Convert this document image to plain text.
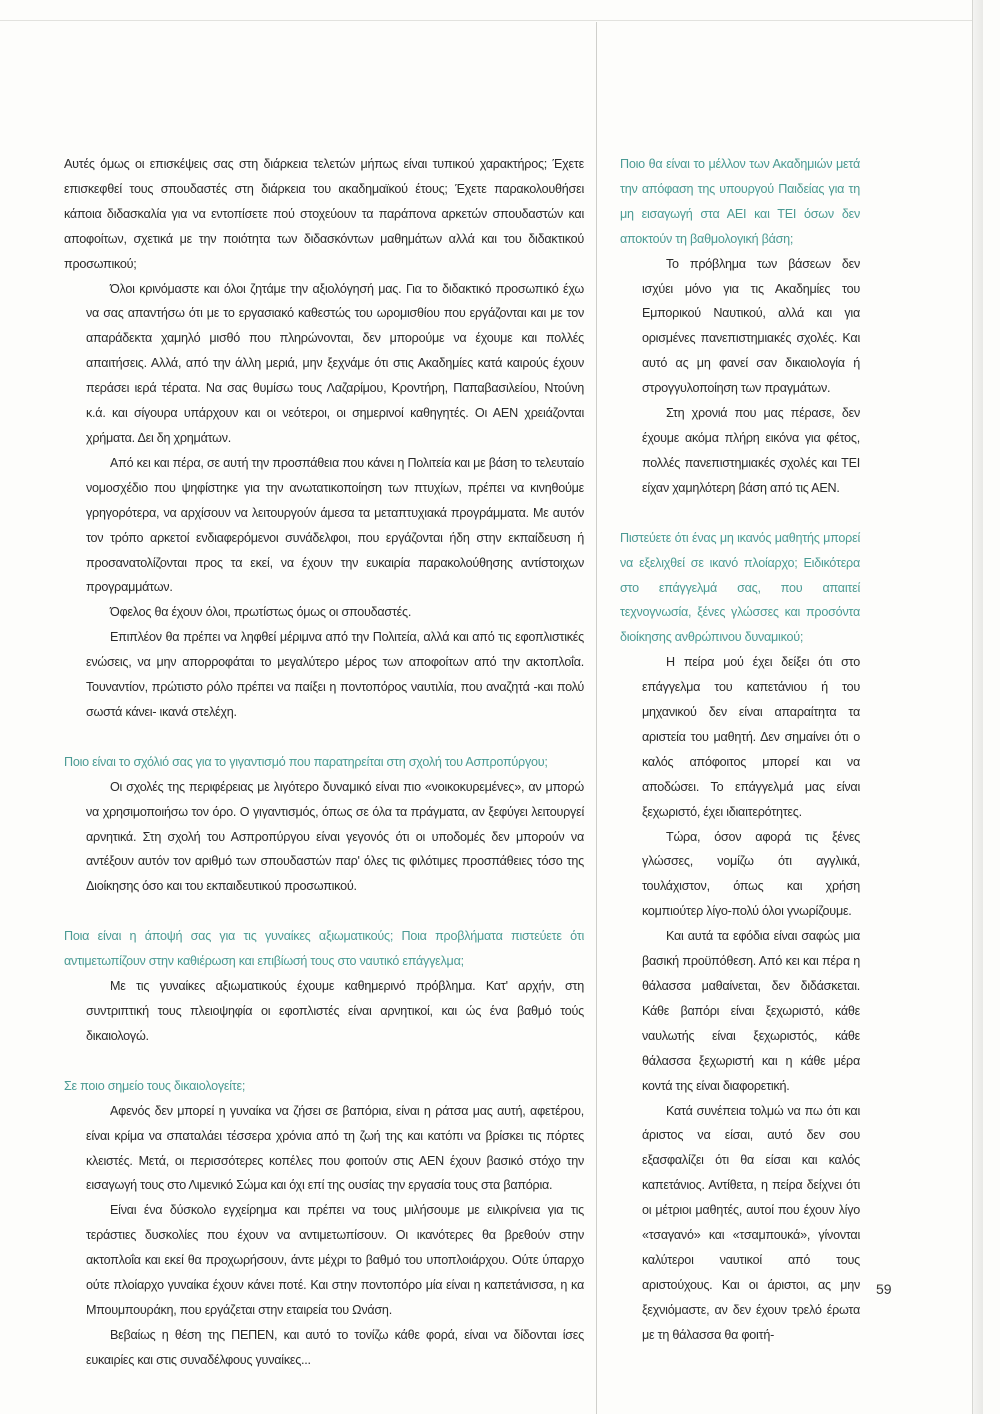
Αυτές όμως οι επισκέψεις σας στη διάρκεια τελετών μήπως είναι τυπικού χαρακτήρος; Έχετε επισκεφθεί τους σπουδαστές στη διάρκεια του ακαδημαϊκού έτους; Έχετε παρακολουθήσει κάποια διδασκαλία για να εντοπίσετε πού στοχεύουν τα παράπονα αρκετών σπουδαστών και αποφοίτων, σχετικά με την ποιότητα των διδασκόντων μαθημάτων αλλά και του διδακτικού προσωπικού;

Όλοι κρινόμαστε και όλοι ζητάμε την αξιολόγησή μας. Για το διδακτικό προσωπικό έχω να σας απαντήσω ότι με το εργασιακό καθεστώς του ωρομισθίου που εργάζονται και με τον απαράδεκτα χαμηλό μισθό που πληρώνονται, δεν μπορούμε να έχουμε και πολλές απαιτήσεις. Αλλά, από την άλλη μεριά, μην ξεχνάμε ότι στις Ακαδημίες κατά καιρούς έχουν περάσει ιερά τέρατα. Να σας θυμίσω τους Λαζαρίμου, Κροντήρη, Παπαβασιλείου, Ντούνη κ.ά. και σίγουρα υπάρχουν και οι νεότεροι, οι σημερινοί καθηγητές. Οι ΑΕΝ χρειάζονται χρήματα. Δει δη χρημάτων.

Από κει και πέρα, σε αυτή την προσπάθεια που κάνει η Πολιτεία και με βάση το τελευταίο νομοσχέδιο που ψηφίστηκε για την ανωτατικοποίηση των πτυχίων, πρέπει να κινηθούμε γρηγορότερα, να αρχίσουν να λειτουργούν άμεσα τα μεταπτυχιακά προγράμματα. Με αυτόν τον τρόπο αρκετοί ενδιαφερόμενοι συνάδελφοι, που εργάζονται ήδη στην εκπαίδευση ή προσανατολίζονται προς τα εκεί, να έχουν την ευκαιρία παρακολούθησης αντίστοιχων προγραμμάτων.

Όφελος θα έχουν όλοι, πρωτίστως όμως οι σπουδαστές.

Επιπλέον θα πρέπει να ληφθεί μέριμνα από την Πολιτεία, αλλά και από τις εφοπλιστικές ενώσεις, να μην απορροφάται το μεγαλύτερο μέρος των αποφοίτων από την ακτοπλοΐα. Τουναντίον, πρώτιστο ρόλο πρέπει να παίξει η ποντοπόρος ναυτιλία, που αναζητά -και πολύ σωστά κάνει- ικανά στελέχη.

Ποιο είναι το σχόλιό σας για το γιγαντισμό που παρατηρείται στη σχολή του Ασπροπύργου;

Οι σχολές της περιφέρειας με λιγότερο δυναμικό είναι πιο «νοικοκυρεμένες», αν μπορώ να χρησιμοποιήσω τον όρο. Ο γιγαντισμός, όπως σε όλα τα πράγματα, αν ξεφύγει λειτουργεί αρνητικά. Στη σχολή του Ασπροπύργου είναι γεγονός ότι οι υποδομές δεν μπορούν να αντέξουν αυτόν τον αριθμό των σπουδαστών παρ' όλες τις φιλότιμες προσπάθειες τόσο της Διοίκησης όσο και του εκπαιδευτικού προσωπικού.

Ποια είναι η άποψή σας για τις γυναίκες αξιωματικούς; Ποια προβλήματα πιστεύετε ότι αντιμετωπίζουν στην καθιέρωση και επιβίωσή τους στο ναυτικό επάγγελμα;

Με τις γυναίκες αξιωματικούς έχουμε καθημερινό πρόβλημα. Κατ' αρχήν, στη συντριπτική τους πλειοψηφία οι εφοπλιστές είναι αρνητικοί, και ώς ένα βαθμό τούς δικαιολογώ.

Σε ποιο σημείο τους δικαιολογείτε;

Αφενός δεν μπορεί η γυναίκα να ζήσει σε βαπόρια, είναι η ράτσα μας αυτή, αφετέρου, είναι κρίμα να σπαταλάει τέσσερα χρόνια από τη ζωή της και κατόπι να βρίσκει τις πόρτες κλειστές. Μετά, οι περισσότερες κοπέλες που φοιτούν στις ΑΕΝ έχουν βασικό στόχο την εισαγωγή τους στο Λιμενικό Σώμα και όχι επί της ουσίας την εργασία τους στα βαπόρια.

Είναι ένα δύσκολο εγχείρημα και πρέπει να τους μιλήσουμε με ειλικρίνεια για τις τεράστιες δυσκολίες που έχουν να αντιμετωπίσουν. Οι ικανότερες θα βρεθούν στην ακτοπλοΐα και εκεί θα προχωρήσουν, άντε μέχρι το βαθμό του υποπλοιάρχου. Ούτε ύπαρχο ούτε πλοίαρχο γυναίκα έχουν κάνει ποτέ. Και στην ποντοπόρο μία είναι η καπετάνισσα, η κα Μπουμπουράκη, που εργάζεται στην εταιρεία του Ωνάση.

Βεβαίως η θέση της ΠΕΠΕΝ, και αυτό το τονίζω κάθε φορά, είναι να δίδονται ίσες ευκαιρίες και στις συναδέλφους γυναίκες...

Ποιο θα είναι το μέλλον των Ακαδημιών μετά την απόφαση της υπουργού Παιδείας για τη μη εισαγωγή στα ΑΕΙ και ΤΕΙ όσων δεν αποκτούν τη βαθμολογική βάση;

Το πρόβλημα των βάσεων δεν ισχύει μόνο για τις Ακαδημίες του Εμπορικού Ναυτικού, αλλά και για ορισμένες πανεπιστημιακές σχολές. Και αυτό ας μη φανεί σαν δικαιολογία ή στρογγυλοποίηση των πραγμάτων.

Στη χρονιά που μας πέρασε, δεν έχουμε ακόμα πλήρη εικόνα για φέτος, πολλές πανεπιστημιακές σχολές και ΤΕΙ είχαν χαμηλότερη βάση από τις ΑΕΝ.

Πιστεύετε ότι ένας μη ικανός μαθητής μπορεί να εξελιχθεί σε ικανό πλοίαρχο; Ειδικότερα στο επάγγελμά σας, που απαιτεί τεχνογνωσία, ξένες γλώσσες και προσόντα διοίκησης ανθρώπινου δυναμικού;

Η πείρα μού έχει δείξει ότι στο επάγγελμα του καπετάνιου ή του μηχανικού δεν είναι απαραίτητα τα αριστεία του μαθητή. Δεν σημαίνει ότι ο καλός απόφοιτος μπορεί και να αποδώσει. Το επάγγελμά μας είναι ξεχωριστό, έχει ιδιαιτερότητες.

Τώρα, όσον αφορά τις ξένες γλώσσες, νομίζω ότι αγγλικά, τουλάχιστον, όπως και χρήση κομπιούτερ λίγο-πολύ όλοι γνωρίζουμε.

Και αυτά τα εφόδια είναι σαφώς μια βασική προϋπόθεση. Από κει και πέρα η θάλασσα μαθαίνεται, δεν διδάσκεται. Κάθε βαπόρι είναι ξεχωριστό, κάθε ναυλωτής είναι ξεχωριστός, κάθε θάλασσα ξεχωριστή και η κάθε μέρα κοντά της είναι διαφορετική.

Κατά συνέπεια τολμώ να πω ότι και άριστος να είσαι, αυτό δεν σου εξασφαλίζει ότι θα είσαι και καλός καπετάνιος. Αντίθετα, η πείρα δείχνει ότι οι μέτριοι μαθητές, αυτοί που έχουν λίγο «τσαγανό» και «τσαμπουκά», γίνονται καλύτεροι ναυτικοί από τους αριστούχους. Και οι άριστοι, ας μην ξεχνιόμαστε, αν δεν έχουν τρελό έρωτα με τη θάλασσα θα φοιτή-

59
